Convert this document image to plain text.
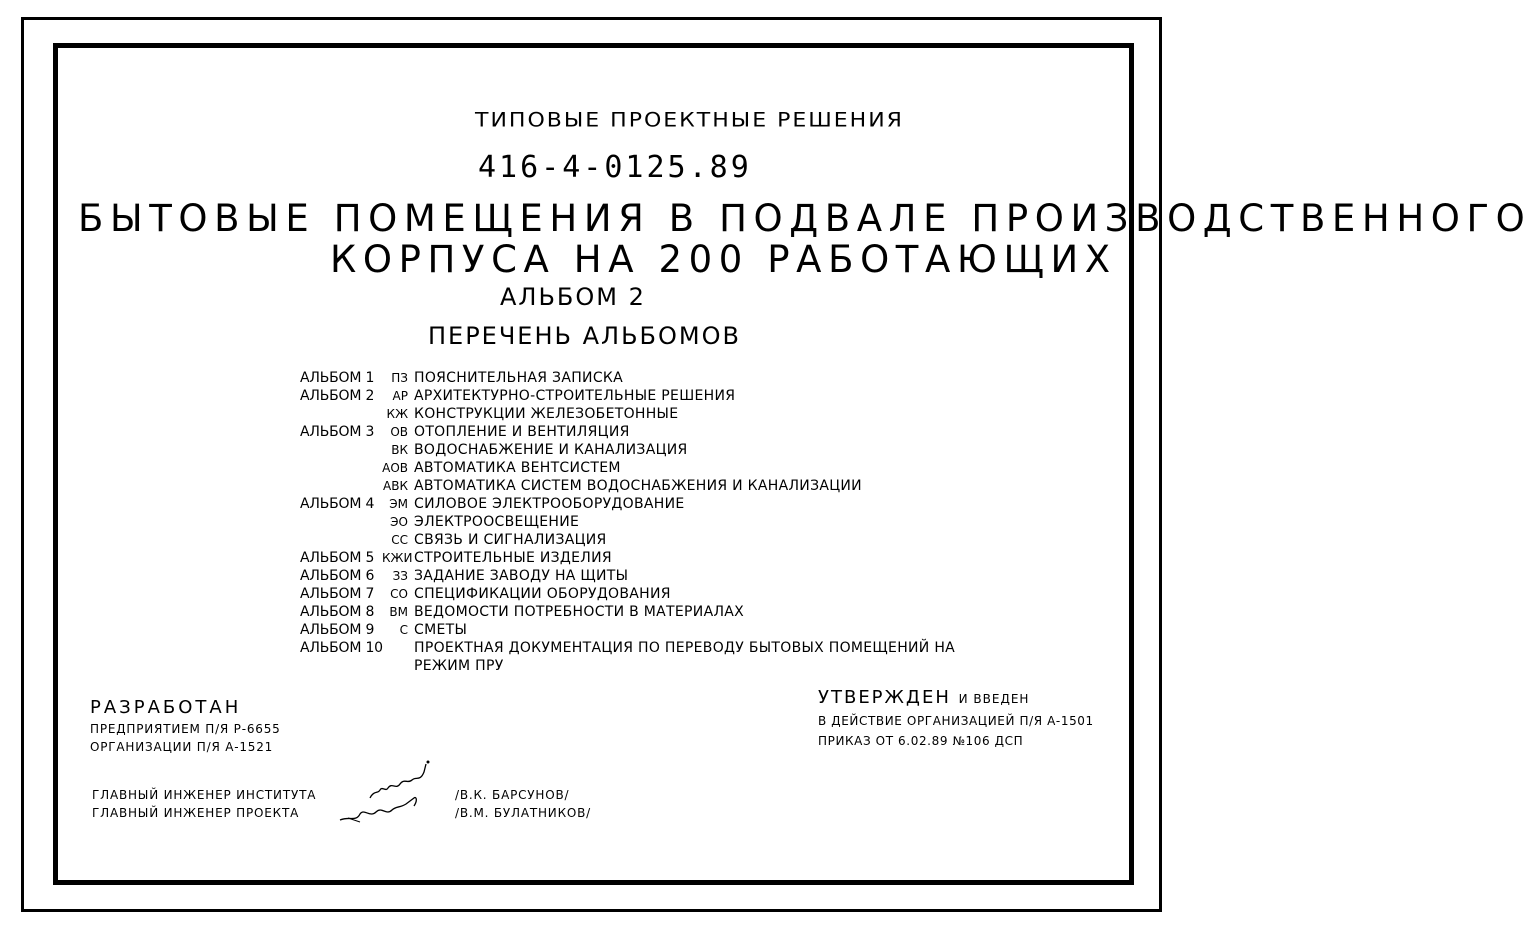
ТИПОВЫЕ ПРОЕКТНЫЕ РЕШЕНИЯ
416-4-0125.89
БЫТОВЫЕ ПОМЕЩЕНИЯ В ПОДВАЛЕ ПРОИЗВОДСТВЕННОГО
КОРПУСА НА 200 РАБОТАЮЩИХ
АЛЬБОМ 2
ПЕРЕЧЕНЬ АЛЬБОМОВ
АЛЬБОМ 1	ПЗ ПОЯСНИТЕЛЬНАЯ ЗАПИСКА
АЛЬБОМ 2	АР АРХИТЕКТУРНО-СТРОИТЕЛЬНЫЕ РЕШЕНИЯ
КЖ КОНСТРУКЦИИ ЖЕЛЕЗОБЕТОННЫЕ
АЛЬБОМ 3	ОВ ОТОПЛЕНИЕ И ВЕНТИЛЯЦИЯ
ВК ВОДОСНАБЖЕНИЕ И КАНАЛИЗАЦИЯ
АОВ АВТОМАТИКА ВЕНТСИСТЕМ
АВК АВТОМАТИКА СИСТЕМ ВОДОСНАБЖЕНИЯ И КАНАЛИЗАЦИИ
АЛЬБОМ 4	ЭМ СИЛОВОЕ ЭЛЕКТРООБОРУДОВАНИЕ
ЭО ЭЛЕКТРООСВЕЩЕНИЕ
СС СВЯЗЬ И СИГНАЛИЗАЦИЯ
АЛЬБОМ 5 КЖИ СТРОИТЕЛЬНЫЕ ИЗДЕЛИЯ
АЛЬБОМ 6	ЗЗ ЗАДАНИЕ ЗАВОДУ НА ЩИТЫ
АЛЬБОМ 7	СО СПЕЦИФИКАЦИИ ОБОРУДОВАНИЯ
АЛЬБОМ 8	ВМ ВЕДОМОСТИ ПОТРЕБНОСТИ В МАТЕРИАЛАХ
АЛЬБОМ 9	С СМЕТЫ
АЛЬБОМ 10 ПРОЕКТНАЯ ДОКУМЕНТАЦИЯ ПО ПЕРЕВОДУ БЫТОВЫХ ПОМЕЩЕНИЙ НА
РЕЖИМ ПРУ
РАЗРАБОТАН
ПРЕДПРИЯТИЕМ П/Я Р-6655
ОРГАНИЗАЦИИ П/Я А-1521
УТВЕРЖДЕН И ВВЕДЕН
В ДЕЙСТВИЕ ОРГАНИЗАЦИЕЙ П/Я А-1501
ПРИКАЗ ОТ 6.02.89 №106 ДСП
ГЛАВНЫЙ ИНЖЕНЕР ИНСТИТУТА	/В.К. БАРСУНОВ/
ГЛАВНЫЙ ИНЖЕНЕР ПРОЕКТА	/В.М. БУЛАТНИКОВ/
